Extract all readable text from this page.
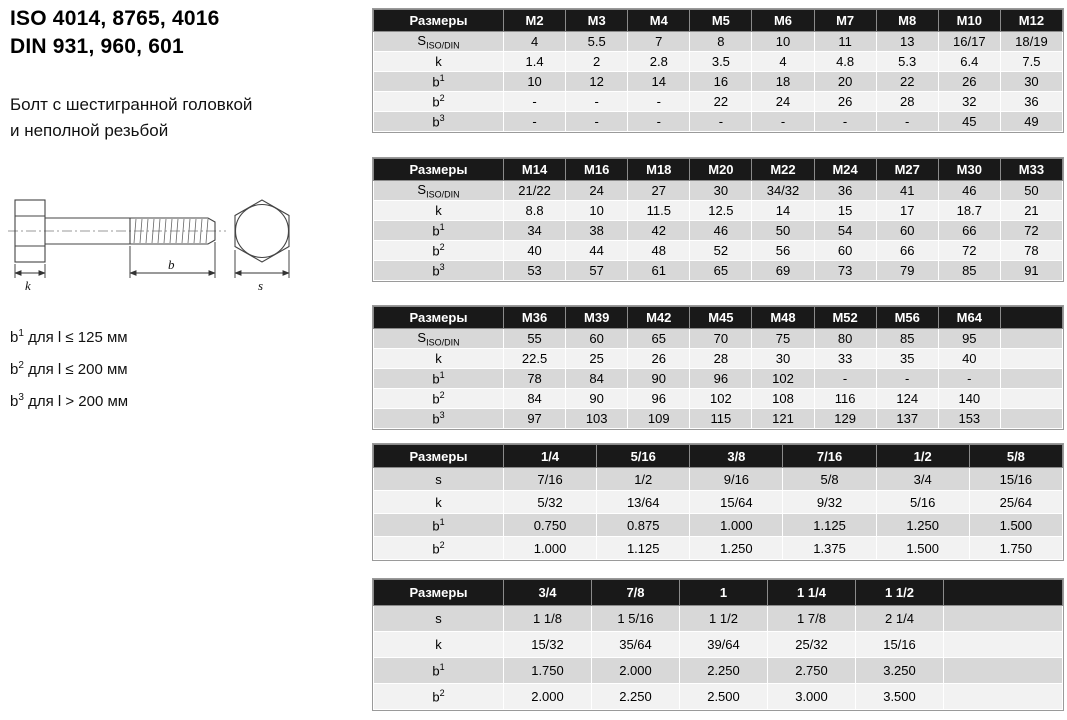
ISO 4014, 8765, 4016
DIN 931, 960, 601
Болт с шестигранной головкой
и неполной резьбой
k
b
s
$b^1$ для l ≤ 125 мм
$b^2$ для l ≤ 200 мм
$b^3$ для l > 200 мм
Размеры	M2	M3	M4	M5	M6	M7	M8	M10	M12
$S_{ISO/DIN}$	4	5.5	7	8	10	11	13	16/17	18/19
k	1.4	2	2.8	3.5	4	4.8	5.3	6.4	7.5
$b^1$	10	12	14	16	18	20	22	26	30
$b^2$	-	-	-	22	24	26	28	32	36
$b^3$	-	-	-	-	-	-	-	45	49
Размеры	M14	M16	M18	M20	M22	M24	M27	M30	M33
$S_{ISO/DIN}$	21/22	24	27	30	34/32	36	41	46	50
k	8.8	10	11.5	12.5	14	15	17	18.7	21
$b^1$	34	38	42	46	50	54	60	66	72
$b^2$	40	44	48	52	56	60	66	72	78
$b^3$	53	57	61	65	69	73	79	85	91
Размеры	M36	M39	M42	M45	M48	M52	M56	M64	
$S_{ISO/DIN}$	55	60	65	70	75	80	85	95	
k	22.5	25	26	28	30	33	35	40	
$b^1$	78	84	90	96	102	-	-	-	
$b^2$	84	90	96	102	108	116	124	140	
$b^3$	97	103	109	115	121	129	137	153	
Размеры	1/4	5/16	3/8	7/16	1/2	5/8
s	7/16	1/2	9/16	5/8	3/4	15/16
k	5/32	13/64	15/64	9/32	5/16	25/64
$b^1$	0.750	0.875	1.000	1.125	1.250	1.500
$b^2$	1.000	1.125	1.250	1.375	1.500	1.750
Размеры	3/4	7/8	1	1 1/4	1 1/2	
s	1 1/8	1 5/16	1 1/2	1 7/8	2 1/4	
k	15/32	35/64	39/64	25/32	15/16	
$b^1$	1.750	2.000	2.250	2.750	3.250	
$b^2$	2.000	2.250	2.500	3.000	3.500	
